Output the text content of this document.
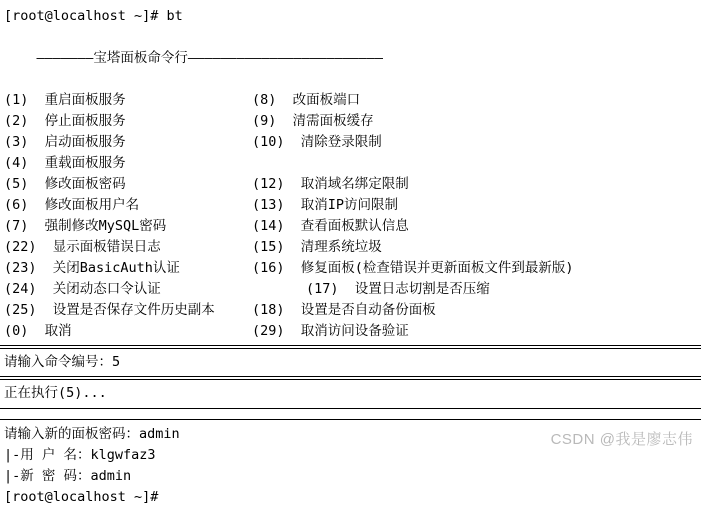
[root@localhost ~]# bt

———————宝塔面板命令行————————————————————————

(1)  重启面板服务	(8)  改面板端口
(2)  停止面板服务	(9)  清需面板缓存
(3)  启动面板服务	(10)  清除登录限制
(4)  重载面板服务
(5)  修改面板密码	(12)  取消域名绑定限制
(6)  修改面板用户名	(13)  取消IP访问限制
(7)  强制修改MySQL密码	(14)  查看面板默认信息
(22)  显示面板错误日志	(15)  清理系统垃圾
(23)  关闭BasicAuth认证	(16)  修复面板(检查错误并更新面板文件到最新版)
(24)  关闭动态口令认证	(17)  设置日志切割是否压缩
(25)  设置是否保存文件历史副本	(18)  设置是否自动备份面板
(0)  取消	(29)  取消访问设备验证
请输入命令编号：5
正在执行(5)...
请输入新的面板密码：admin
|-用 户 名：klgwfaz3
|-新 密 码：admin
[root@localhost ~]#
CSDN @我是廖志伟
